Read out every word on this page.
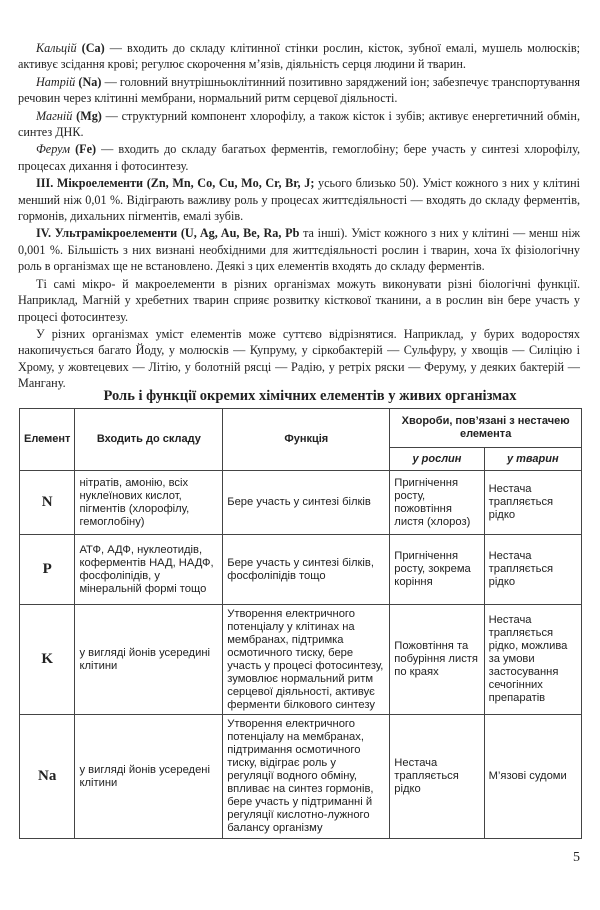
Кальцій (Ca) — входить до складу клітинної стінки рослин, кісток, зубної емалі, мушель молюсків; активує зсідання крові; регулює скорочення м’язів, діяльність серця людини й тварин.

Натрій (Na) — головний внутрішньоклітинний позитивно заряджений іон; забезпечує транспортування речовин через клітинні мембрани, нормальний ритм серцевої діяльності.

Магній (Mg) — структурний компонент хлорофілу, а також кісток і зубів; активує енергетичний обмін, синтез ДНК.

Ферум (Fe) — входить до складу багатьох ферментів, гемоглобіну; бере участь у синтезі хлорофілу, процесах дихання і фотосинтезу.

III. Мікроелементи (Zn, Mn, Co, Cu, Mo, Cr, Br, J; усього близько 50). Уміст кожного з них у клітині менший ніж 0,01 %. Відіграють важливу роль у процесах життєдіяльності — входять до складу ферментів, гормонів, дихальних пігментів, емалі зубів.

IV. Ультрамікроелементи (U, Ag, Au, Be, Ra, Pb та інші). Уміст кожного з них у клітині — менш ніж 0,001 %. Більшість з них визнані необхідними для життєдіяльності рослин і тварин, хоча їх фізіологічну роль в організмах ще не встановлено. Деякі з цих елементів входять до складу ферментів.

Ті самі мікро- й макроелементи в різних організмах можуть виконувати різні біологічні функції. Наприклад, Магній у хребетних тварин сприяє розвитку кісткової тканини, а в рослин він бере участь у процесі фотосинтезу.

У різних організмах уміст елементів може суттєво відрізнятися. Наприклад, у бурих водоростях накопичується багато Йоду, у молюсків — Купруму, у сіркобактерій — Сульфуру, у хвощів — Силіцію і Хрому, у жовтецевих — Літію, у болотній рясці — Радію, у ретріх ряски — Феруму, у деяких бактерій — Мангану.

Роль і функції окремих хімічних елементів у живих організмах
Елемент	Входить до складу	Функція	Хвороби, пов’язані з нестачею елемента	
			у рослин	у тварин
N	нітратів, амонію, всіх нуклеїнових кислот, пігментів (хлорофілу, гемоглобіну)	Бере участь у синтезі білків	Пригнічення росту, пожовтіння листя (хлороз)	Нестача трапляється рідко
P	АТФ, АДФ, нуклеотидів, коферментів НАД, НАДФ, фосфоліпідів, у мінеральній формі тощо	Бере участь у синтезі білків, фосфоліпідів тощо	Пригнічення росту, зокрема коріння	Нестача трапляється рідко
K	у вигляді йонів усередині клітини	Утворення електричного потенціалу у клітинах на мембранах, підтримка осмотичного тиску, бере участь у процесі фотосинтезу, зумовлює нормальний ритм серцевої діяльності, активує ферменти білкового синтезу	Пожовтіння та побуріння листя по краях	Нестача трапляється рідко, можлива за умови застосування сечогінних препаратів
Na	у вигляді йонів усередені клітини	Утворення електричного потенціалу на мембранах, підтримання осмотичного тиску, відіграє роль у регуляції водного обміну, впливає на синтез гормонів, бере участь у підтриманні й регуляції кислотно-лужного балансу організму	Нестача трапляється рідко	М’язові судоми
5
